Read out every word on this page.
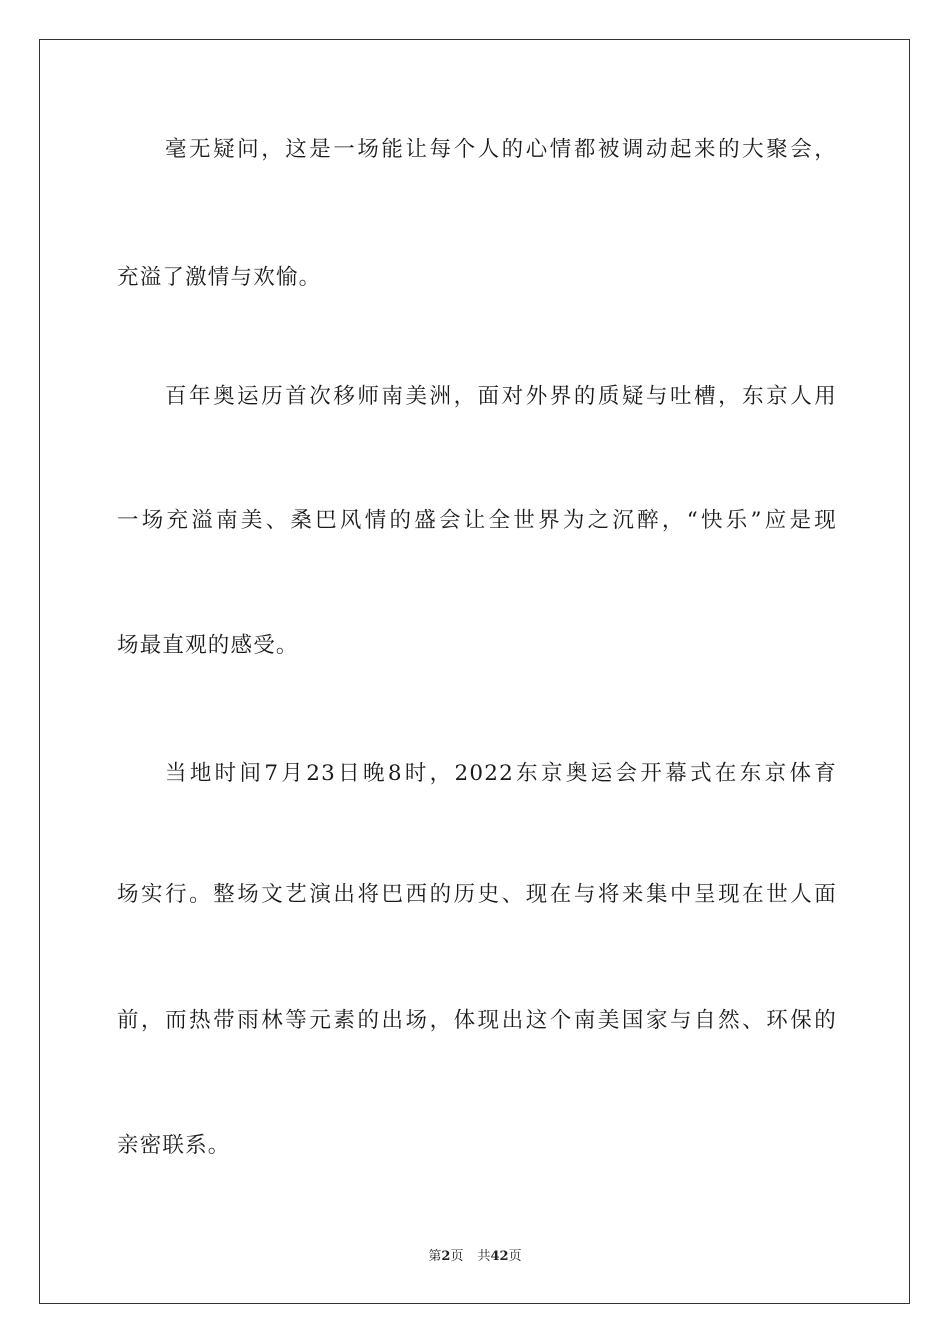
毫无疑问，这是一场能让每个人的心情都被调动起来的大聚会，
充溢了激情与欢愉。
百年奥运历首次移师南美洲，面对外界的质疑与吐槽，东京人用
一场充溢南美、桑巴风情的盛会让全世界为之沉醉，“快乐”应是现
场最直观的感受。
当地时间7月23日晚8时，2022东京奥运会开幕式在东京体育
场实行。整场文艺演出将巴西的历史、现在与将来集中呈现在世人面
前，而热带雨林等元素的出场，体现出这个南美国家与自然、环保的
亲密联系。
第2页 共42页
